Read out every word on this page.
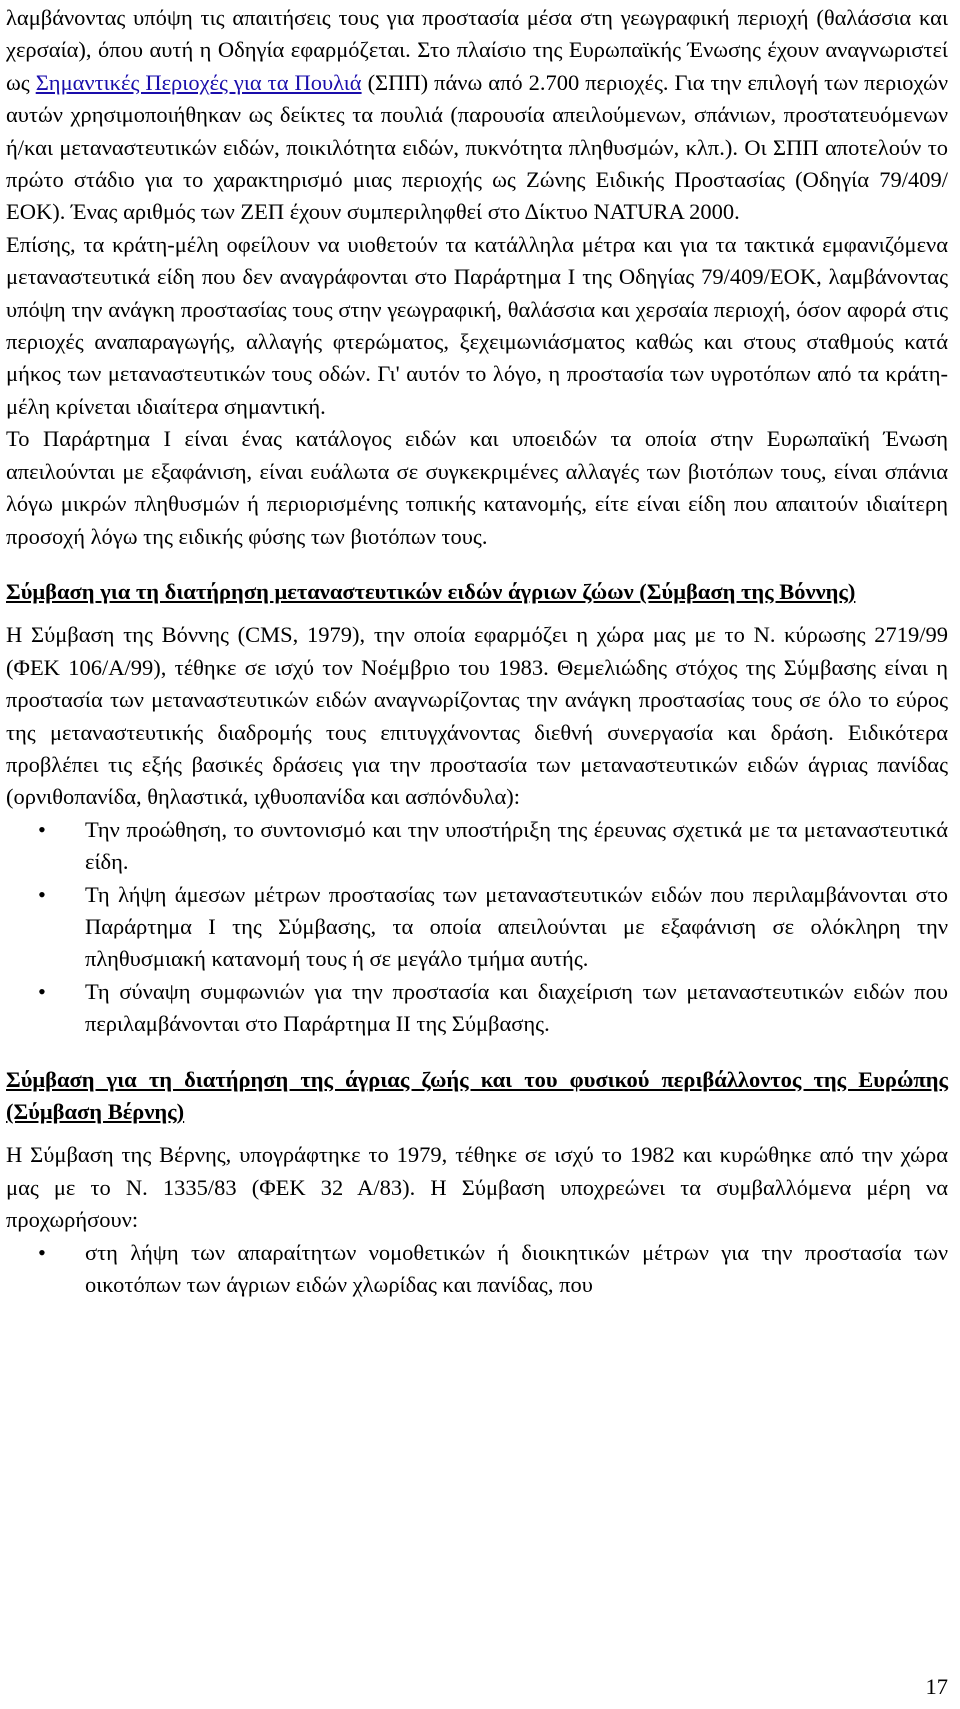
λαμβάνοντας υπόψη τις απαιτήσεις τους για προστασία μέσα στη γεωγραφική περιοχή (θαλάσσια και χερσαία), όπου αυτή η Οδηγία εφαρμόζεται. Στο πλαίσιο της Ευρωπαϊκής Ένωσης έχουν αναγνωριστεί ως Σημαντικές Περιοχές για τα Πουλιά (ΣΠΠ) πάνω από 2.700 περιοχές. Για την επιλογή των περιοχών αυτών χρησιμοποιήθηκαν ως δείκτες τα πουλιά (παρουσία απειλούμενων, σπάνιων, προστατευόμενων ή/και μεταναστευτικών ειδών, ποικιλότητα ειδών, πυκνότητα πληθυσμών, κλπ.). Οι ΣΠΠ αποτελούν το πρώτο στάδιο για το χαρακτηρισμό μιας περιοχής ως Ζώνης Ειδικής Προστασίας (Οδηγία 79/409/ΕΟΚ). Ένας αριθμός των ΖΕΠ έχουν συμπεριληφθεί στο Δίκτυο NATURA 2000.

Επίσης, τα κράτη-μέλη οφείλουν να υιοθετούν τα κατάλληλα μέτρα και για τα τακτικά εμφανιζόμενα μεταναστευτικά είδη που δεν αναγράφονται στο Παράρτημα Ι της Οδηγίας 79/409/ΕΟΚ, λαμβάνοντας υπόψη την ανάγκη προστασίας τους στην γεωγραφική, θαλάσσια και χερσαία περιοχή, όσον αφορά στις περιοχές αναπαραγωγής, αλλαγής φτερώματος, ξεχειμωνιάσματος καθώς και στους σταθμούς κατά μήκος των μεταναστευτικών τους οδών. Γι' αυτόν το λόγο, η προστασία των υγροτόπων από τα κράτη-μέλη κρίνεται ιδιαίτερα σημαντική.

Το Παράρτημα Ι είναι ένας κατάλογος ειδών και υποειδών τα οποία στην Ευρωπαϊκή Ένωση απειλούνται με εξαφάνιση, είναι ευάλωτα σε συγκεκριμένες αλλαγές των βιοτόπων τους, είναι σπάνια λόγω μικρών πληθυσμών ή περιορισμένης τοπικής κατανομής, είτε είναι είδη που απαιτούν ιδιαίτερη προσοχή λόγω της ειδικής φύσης των βιοτόπων τους.

Σύμβαση για τη διατήρηση μεταναστευτικών ειδών άγριων ζώων (Σύμβαση της Βόννης)

Η Σύμβαση της Βόννης (CMS, 1979), την οποία εφαρμόζει η χώρα μας με το Ν. κύρωσης 2719/99 (ΦΕΚ 106/Α/99), τέθηκε σε ισχύ τον Νοέμβριο του 1983. Θεμελιώδης στόχος της Σύμβασης είναι η προστασία των μεταναστευτικών ειδών αναγνωρίζοντας την ανάγκη προστασίας τους σε όλο το εύρος της μεταναστευτικής διαδρομής τους επιτυγχάνοντας διεθνή συνεργασία και δράση. Ειδικότερα προβλέπει τις εξής βασικές δράσεις για την προστασία των μεταναστευτικών ειδών άγριας πανίδας (ορνιθοπανίδα, θηλαστικά, ιχθυοπανίδα και ασπόνδυλα):

• Την προώθηση, το συντονισμό και την υποστήριξη της έρευνας σχετικά με τα μεταναστευτικά είδη.
• Τη λήψη άμεσων μέτρων προστασίας των μεταναστευτικών ειδών που περιλαμβάνονται στο Παράρτημα Ι της Σύμβασης, τα οποία απειλούνται με εξαφάνιση σε ολόκληρη την πληθυσμιακή κατανομή τους ή σε μεγάλο τμήμα αυτής.
• Τη σύναψη συμφωνιών για την προστασία και διαχείριση των μεταναστευτικών ειδών που περιλαμβάνονται στο Παράρτημα ΙΙ της Σύμβασης.

Σύμβαση για τη διατήρηση της άγριας ζωής και του φυσικού περιβάλλοντος της Ευρώπης (Σύμβαση Βέρνης)

Η Σύμβαση της Βέρνης, υπογράφτηκε το 1979, τέθηκε σε ισχύ το 1982 και κυρώθηκε από την χώρα μας με το Ν. 1335/83 (ΦΕΚ 32 Α/83). Η Σύμβαση υποχρεώνει τα συμβαλλόμενα μέρη να προχωρήσουν:

• στη λήψη των απαραίτητων νομοθετικών ή διοικητικών μέτρων για την προστασία των οικοτόπων των άγριων ειδών χλωρίδας και πανίδας, που
17
